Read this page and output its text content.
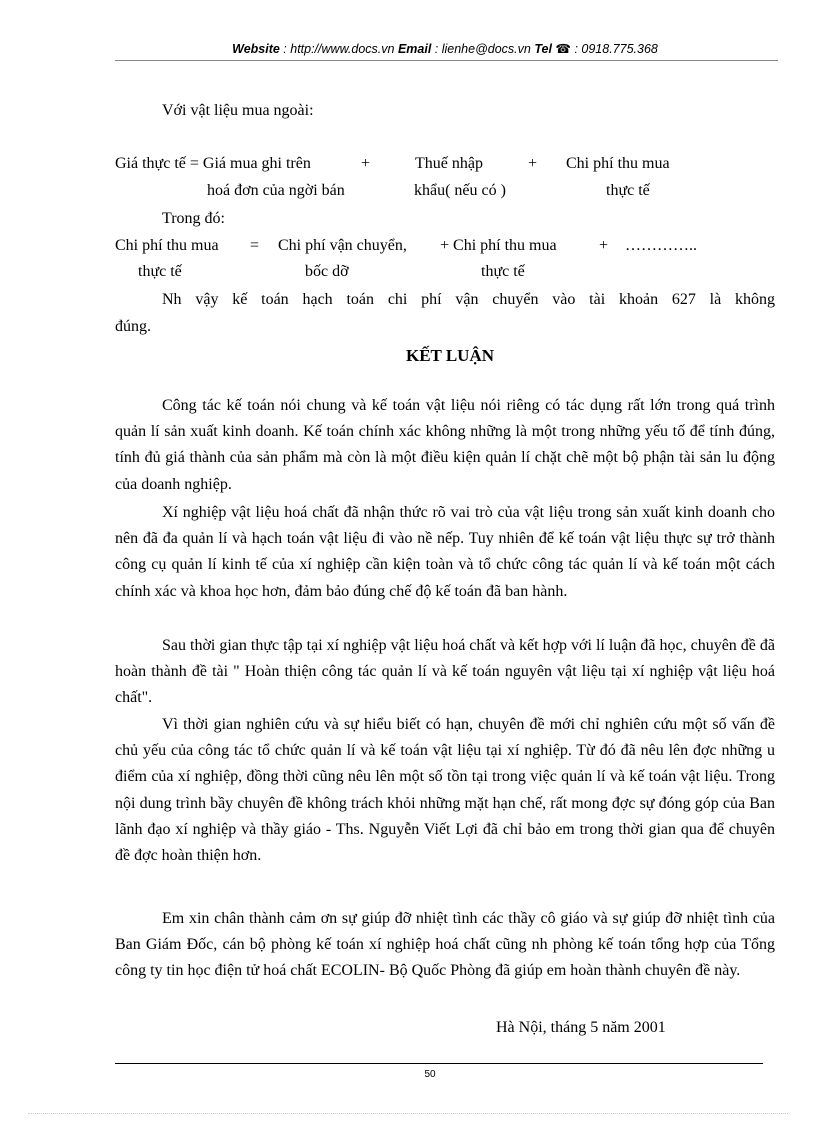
Website : http://www.docs.vn Email : lienhe@docs.vn Tel ☎ : 0918.775.368
Với vật liệu mua ngoài:
Giá thực tế = Giá mua ghi trên	+	Thuế nhập	+ Chi phí thu mua
hoá đơn của ngời bán	khẩu( nếu có )	thực tế
Trong đó:
Chi phí thu mua = Chi phí vận chuyển, + Chi phí thu mua	+ …………..
thực tế	bốc dỡ	thực tế
Nh vậy kế toán hạch toán chi phí vận chuyển vào tài khoản 627 là không
đúng.
KẾT LUẬN

Công tác kế toán nói chung và kế toán vật liệu nói riêng có tác dụng rất lớn trong quá trình quản lí sản xuất kinh doanh. Kế toán chính xác không những là một trong những yếu tố để tính đúng, tính đủ giá thành của sản phẩm mà còn là một điều kiện quản lí chặt chẽ một bộ phận tài sản lu động của doanh nghiệp.

Xí nghiệp vật liệu hoá chất đã nhận thức rõ vai trò của vật liệu trong sản xuất kinh doanh cho nên đã đa quản lí và hạch toán vật liệu đi vào nề nếp. Tuy nhiên để kế toán vật liệu thực sự trở thành công cụ quản lí kinh tế của xí nghiệp cần kiện toàn và tổ chức công tác quản lí và kế toán một cách chính xác và khoa học hơn, đảm bảo đúng chế độ kế toán đã ban hành.

Sau thời gian thực tập tại xí nghiệp vật liệu hoá chất và kết hợp với lí luận đã học, chuyên đề đã hoàn thành đề tài " Hoàn thiện công tác quản lí và kế toán nguyên vật liệu tại xí nghiệp vật liệu hoá chất".

Vì thời gian nghiên cứu và sự hiểu biết có hạn, chuyên đề mới chỉ nghiên cứu một số vấn đề chủ yếu của công tác tổ chức quản lí và kế toán vật liệu tại xí nghiệp. Từ đó đã nêu lên đợc những u điểm của xí nghiệp, đồng thời cũng nêu lên một số tồn tại trong việc quản lí và kế toán vật liệu. Trong nội dung trình bầy chuyên đề không trách khỏi những mặt hạn chế, rất mong đợc sự đóng góp của Ban lãnh đạo xí nghiệp và thầy giáo - Ths. Nguyễn Viết Lợi đã chỉ bảo em trong thời gian qua để chuyên đề đợc hoàn thiện hơn.

Em xin chân thành cảm ơn sự giúp đỡ nhiệt tình các thầy cô giáo và sự giúp đỡ nhiệt tình của Ban Giám Đốc, cán bộ phòng kế toán xí nghiệp hoá chất cũng nh phòng kế toán tổng hợp của Tổng công ty tin học điện tử hoá chất ECOLIN- Bộ Quốc Phòng đã giúp em hoàn thành chuyên đề này.

Hà Nội, tháng 5 năm 2001
50
